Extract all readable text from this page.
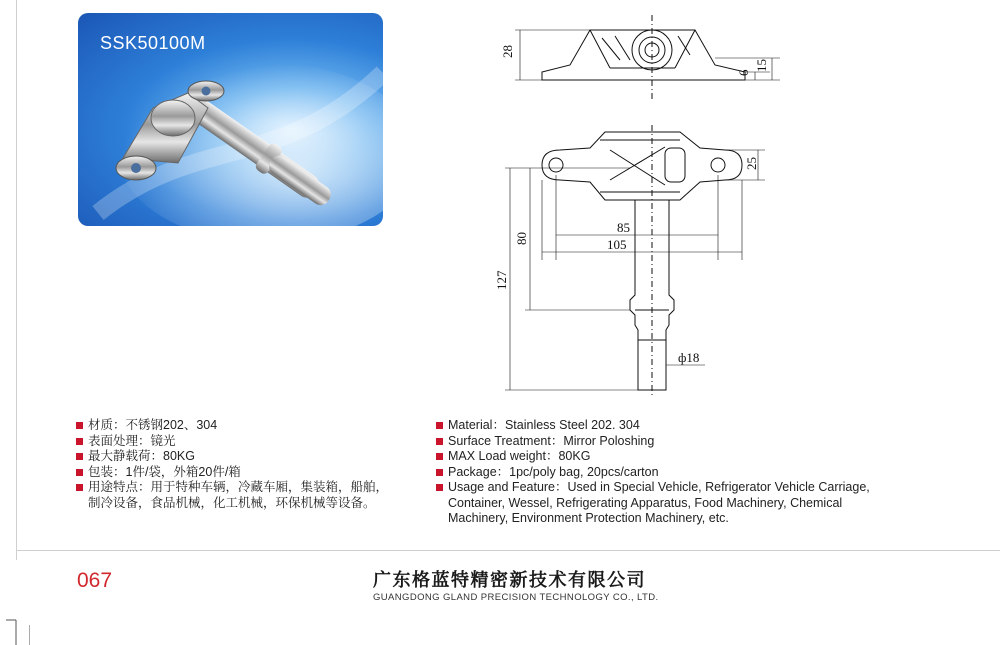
SSK50100M	28
6
15
25
85
105
80
127
ф18
材质：不锈钢202、304
表面处理：镜光
最大静载荷：80KG
包装：1件/袋，外箱20件/箱
用途特点：用于特种车辆，冷藏车厢，集装箱，船舶，
制冷设备，食品机械，化工机械，环保机械等设备。
Material：Stainless Steel 202. 304
Surface Treatment：Mirror Poloshing
MAX Load weight：80KG
Package：1pc/poly bag, 20pcs/carton
Usage and Feature：Used in Special Vehicle, Refrigerator Vehicle Carriage,
Container, Wessel, Refrigerating Apparatus, Food Machinery, Chemical
Machinery, Environment Protection Machinery, etc.
067	广东格蓝特精密新技术有限公司
GUANGDONG GLAND PRECISION TECHNOLOGY CO., LTD.
